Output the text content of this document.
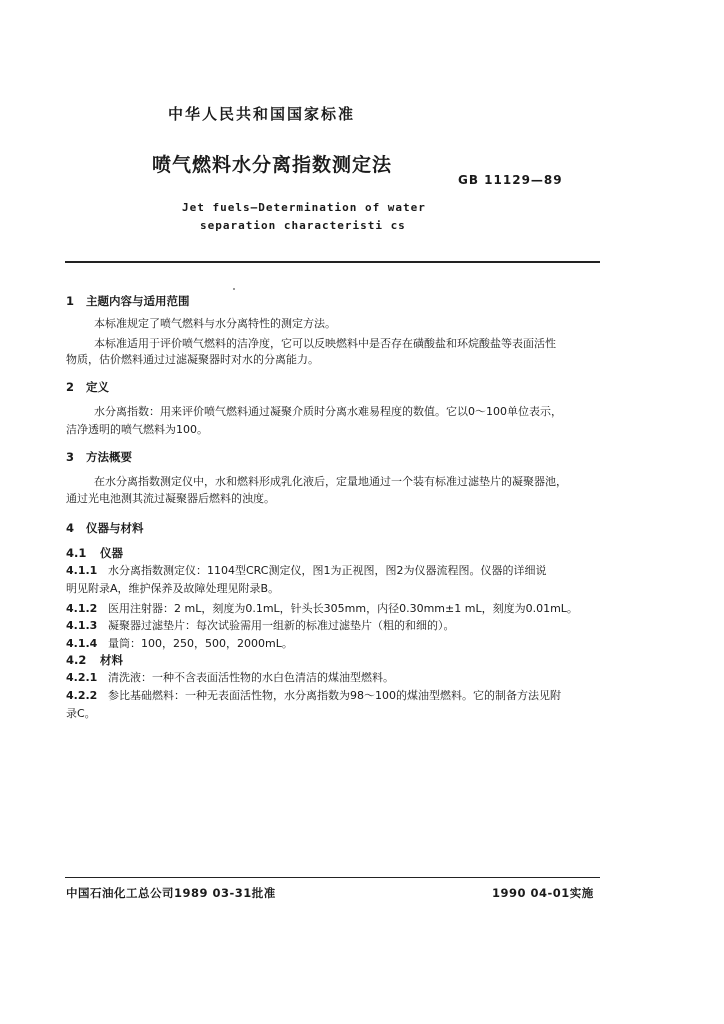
中华人民共和国国家标准
喷气燃料水分离指数测定法
GB 11129—89
Jet fuels—Determination of water
separation characteristi cs
1 主题内容与适用范围
本标准规定了喷气燃料与水分离特性的测定方法。
本标准适用于评价喷气燃料的洁净度，它可以反映燃料中是否存在磺酸盐和环烷酸盐等表面活性
物质，估价燃料通过过滤凝聚器时对水的分离能力。
2 定义
水分离指数：用来评价喷气燃料通过凝聚介质时分离水难易程度的数值。它以0～100单位表示，
洁净透明的喷气燃料为100。
3 方法概要
在水分离指数测定仪中，水和燃料形成乳化液后，定量地通过一个装有标准过滤垫片的凝聚器池，
通过光电池测其流过凝聚器后燃料的浊度。
4 仪器与材料
4.1 仪器
4.1.1 水分离指数测定仪：1104型CRC测定仪，图1为正视图，图2为仪器流程图。仪器的详细说
明见附录A，维护保养及故障处理见附录B。
4.1.2 医用注射器：2 mL，刻度为0.1mL，针头长305mm，内径0.30mm±1 mL，刻度为0.01mL。
4.1.3 凝聚器过滤垫片：每次试验需用一组新的标准过滤垫片（粗的和细的）。
4.1.4 量筒：100，250，500，2000mL。
4.2 材料
4.2.1 清洗液：一种不含表面活性物的水白色清洁的煤油型燃料。
4.2.2 参比基础燃料：一种无表面活性物，水分离指数为98～100的煤油型燃料。它的制备方法见附
录C。
中国石油化工总公司1989 03-31批准	1990 04-01实施
